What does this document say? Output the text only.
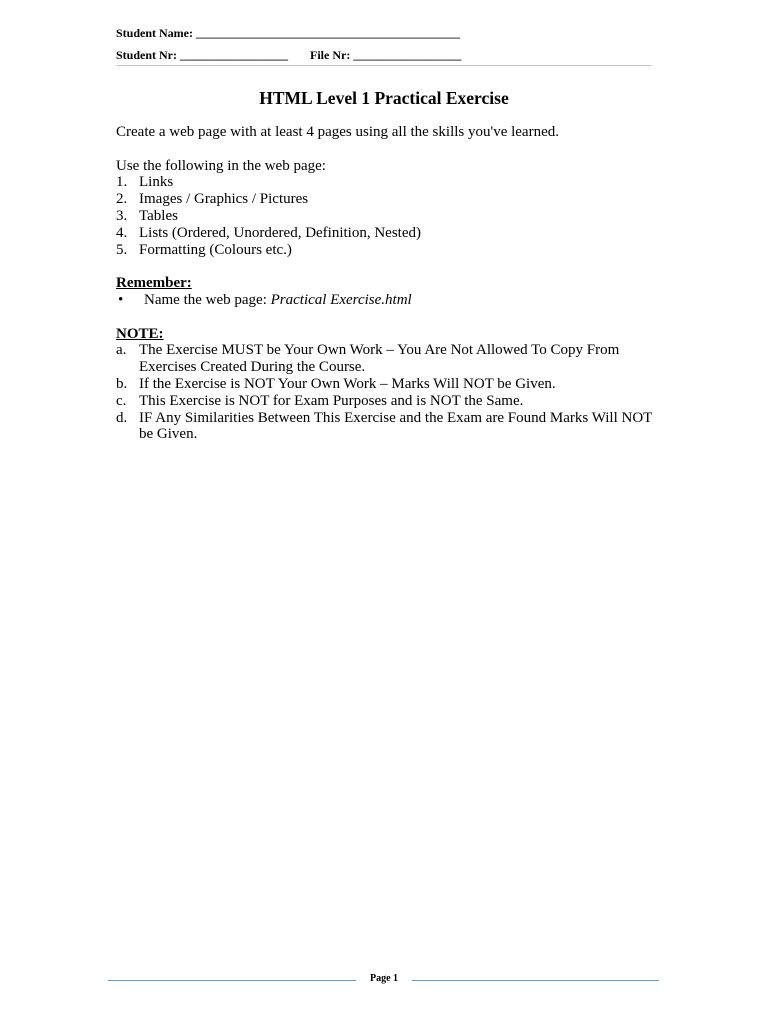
Student Name: ____________________________________________
Student Nr: __________________ File Nr: __________________
HTML Level 1 Practical Exercise

Create a web page with at least 4 pages using all the skills you've learned.

Use the following in the web page:

1. Links
2. Images / Graphics / Pictures
3. Tables
4. Lists (Ordered, Unordered, Definition, Nested)
5. Formatting (Colours etc.)
Remember:
•	Name the web page: Practical Exercise.html
NOTE:
a. The Exercise MUST be Your Own Work – You Are Not Allowed To Copy From Exercises Created During the Course.
b. If the Exercise is NOT Your Own Work – Marks Will NOT be Given.
c. This Exercise is NOT for Exam Purposes and is NOT the Same.
d. IF Any Similarities Between This Exercise and the Exam are Found Marks Will NOT be Given.
Page 1
